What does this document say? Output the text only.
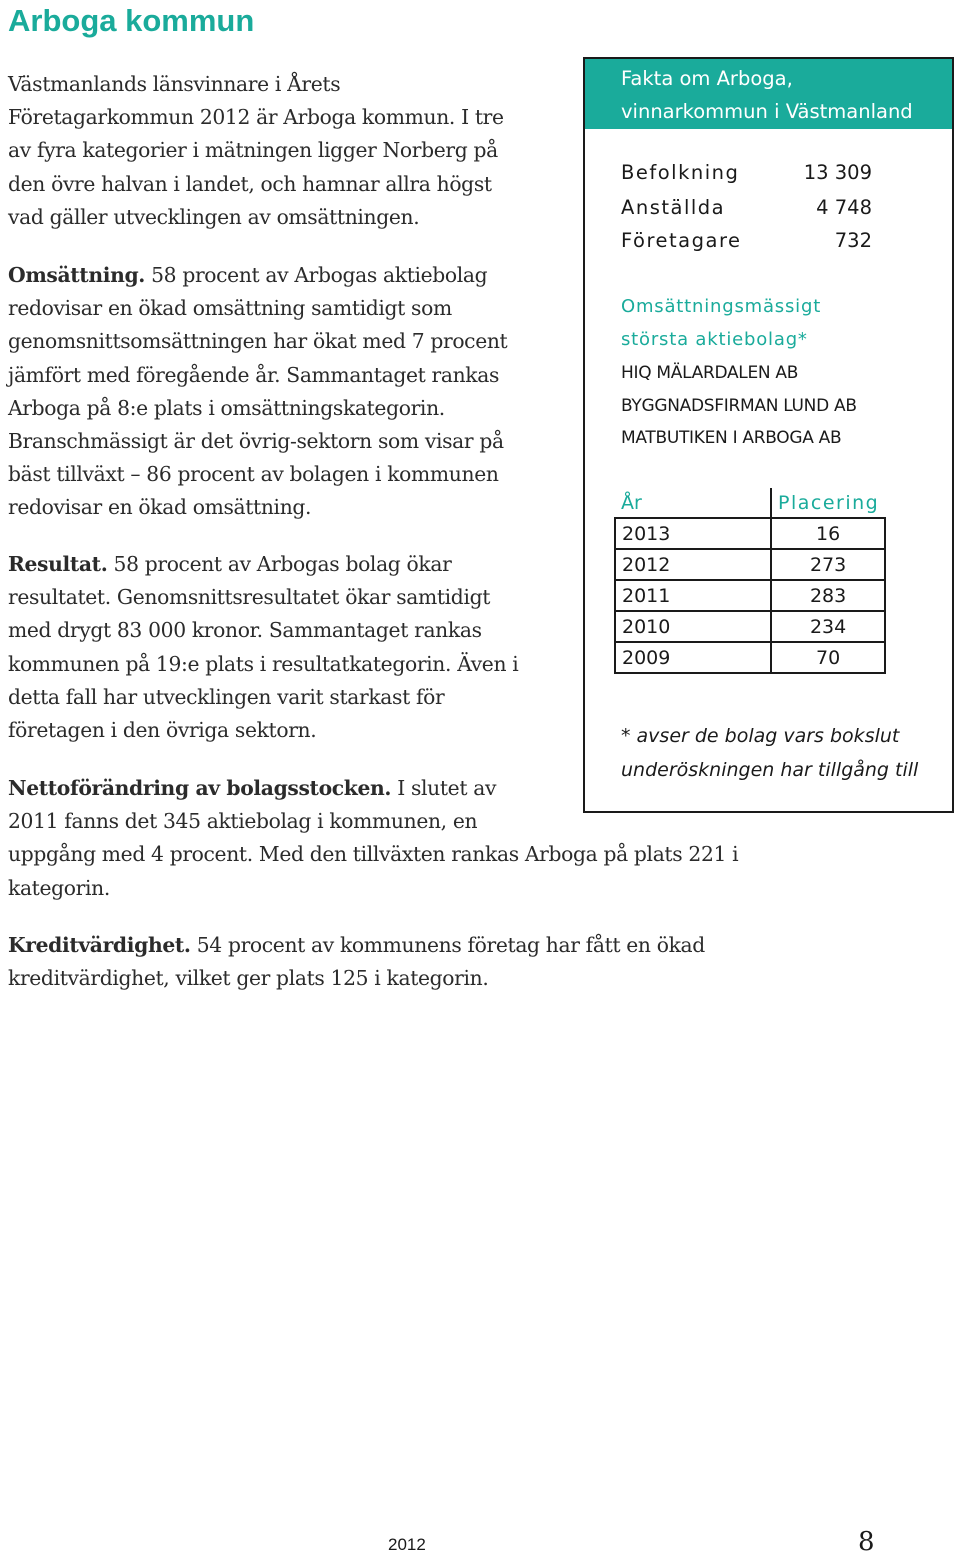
Arboga kommun

Västmanlands länsvinnare i Årets
Företagarkommun 2012 är Arboga kommun. I tre
av fyra kategorier i mätningen ligger Norberg på
den övre halvan i landet, och hamnar allra högst
vad gäller utvecklingen av omsättningen.

Omsättning. 58 procent av Arbogas aktiebolag
redovisar en ökad omsättning samtidigt som
genomsnittsomsättningen har ökat med 7 procent
jämfört med föregående år. Sammantaget rankas
Arboga på 8:e plats i omsättningskategorin.
Branschmässigt är det övrig-sektorn som visar på
bäst tillväxt – 86 procent av bolagen i kommunen
redovisar en ökad omsättning.

Resultat. 58 procent av Arbogas bolag ökar
resultatet. Genomsnittsresultatet ökar samtidigt
med drygt 83 000 kronor. Sammantaget rankas
kommunen på 19:e plats i resultatkategorin. Även i
detta fall har utvecklingen varit starkast för
företagen i den övriga sektorn.

Nettoförändring av bolagsstocken. I slutet av
2011 fanns det 345 aktiebolag i kommunen, en
uppgång med 4 procent. Med den tillväxten rankas Arboga på plats 221 i
kategorin.

Kreditvärdighet. 54 procent av kommunens företag har fått en ökad
kreditvärdighet, vilket ger plats 125 i kategorin.

Fakta om Arboga,
vinnarkommun i Västmanland
Befolkning	13 309
Anställda	4 748
Företagare	732
Omsättningsmässigt
största aktiebolag*
HIQ MÄLARDALEN AB
BYGGNADSFIRMAN LUND AB
MATBUTIKEN I ARBOGA AB
År	Placering
2013	16
2012	273
2011	283
2010	234
2009	70
* avser de bolag vars bokslut
underöskningen har tillgång till
2012	8
